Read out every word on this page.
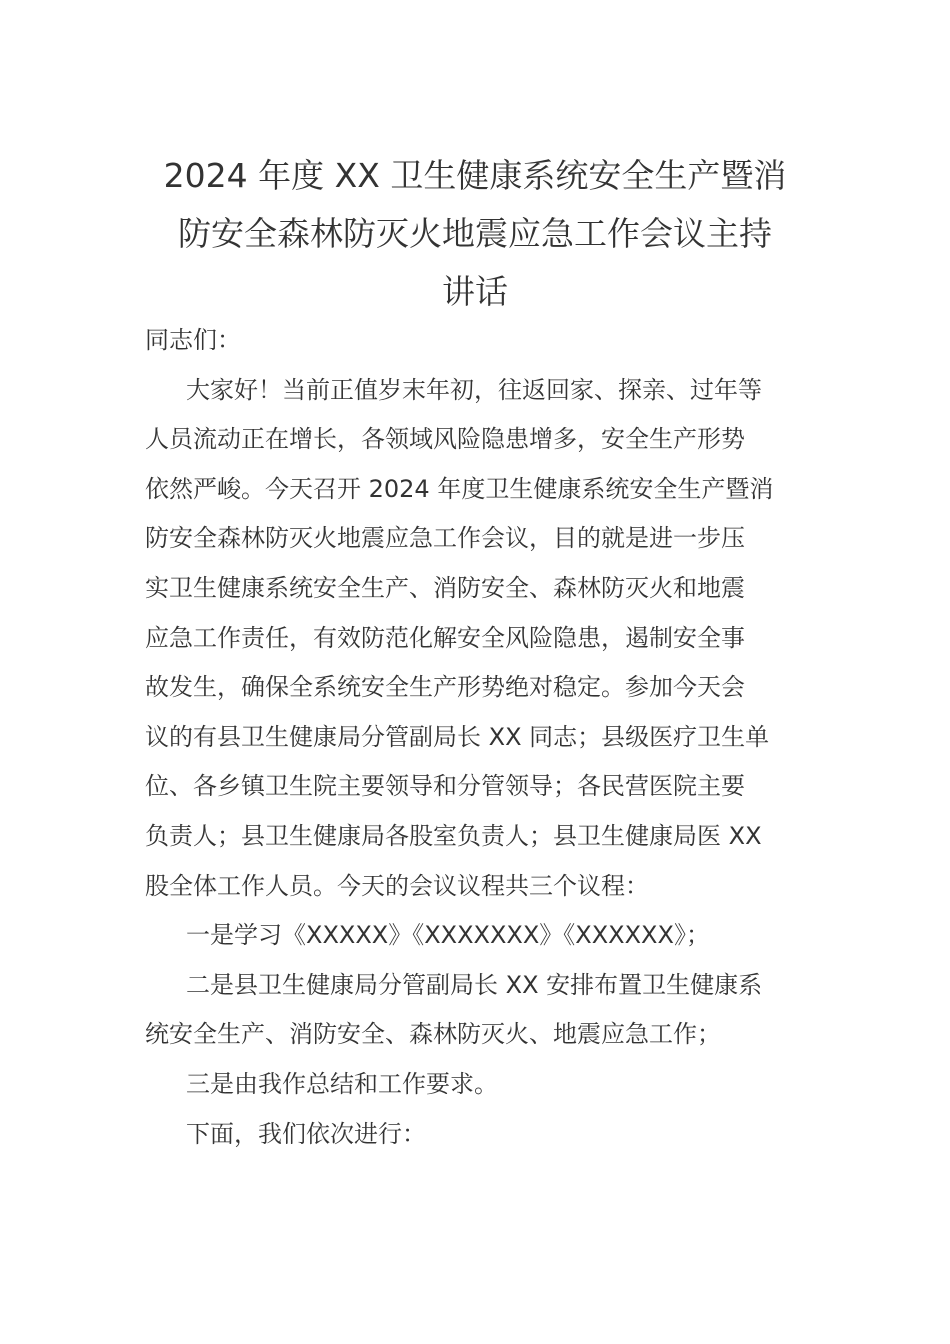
2024 年度 XX 卫生健康系统安全生产暨消
防安全森林防灭火地震应急工作会议主持
讲话
同志们：
大家好！当前正值岁末年初，往返回家、探亲、过年等
人员流动正在增长，各领域风险隐患增多，安全生产形势
依然严峻。今天召开 2024 年度卫生健康系统安全生产暨消
防安全森林防灭火地震应急工作会议，目的就是进一步压
实卫生健康系统安全生产、消防安全、森林防灭火和地震
应急工作责任，有效防范化解安全风险隐患，遏制安全事
故发生，确保全系统安全生产形势绝对稳定。参加今天会
议的有县卫生健康局分管副局长 XX 同志；县级医疗卫生单
位、各乡镇卫生院主要领导和分管领导；各民营医院主要
负责人；县卫生健康局各股室负责人；县卫生健康局医 XX
股全体工作人员。今天的会议议程共三个议程：
一是学习《XXXXX》《XXXXXXX》《XXXXXX》；
二是县卫生健康局分管副局长 XX 安排布置卫生健康系
统安全生产、消防安全、森林防灭火、地震应急工作；
三是由我作总结和工作要求。
下面，我们依次进行：
